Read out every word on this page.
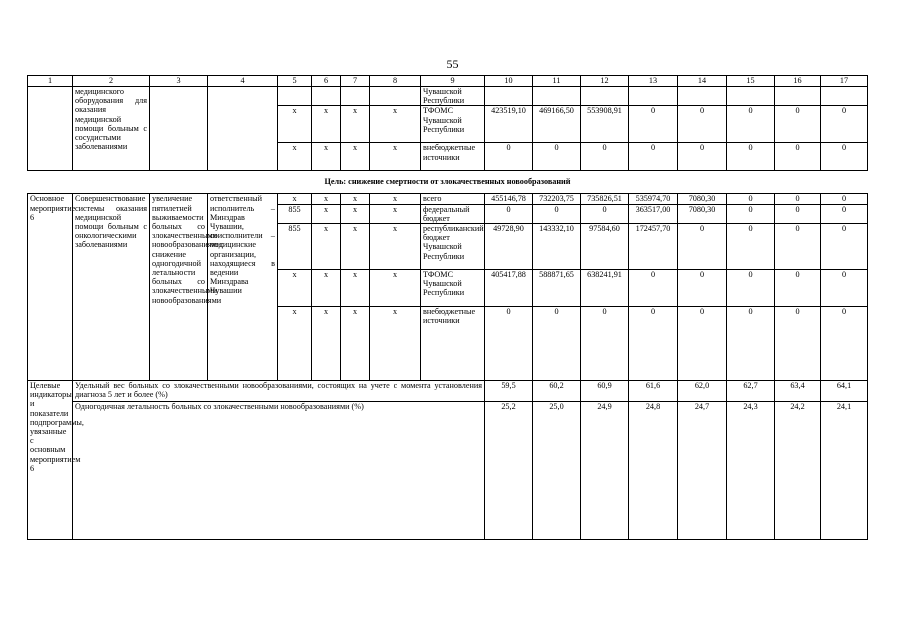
55
1	2	3	4	5	6	7	8	9	10	11	12	13	14	15	16	17
	медицинского оборудования для оказания медицинской помощи больным с сосудистыми заболеваниями							Чувашской Республики								
				x	x	x	x	ТФОМС Чувашской Республики	423519,10	469166,50	553908,91	0	0	0	0	0
				x	x	x	x	внебюджетные источники	0	0	0	0	0	0	0	0
Цель: снижение смертности от злокачественных новообразований																
Основное мероприятие 6	Совершенствование системы оказания медицинской помощи больным с онкологическими заболеваниями	увеличение пятилетней выживаемости больных со злокачественными новообразованиями; снижение одногодичной летальности больных со злокачественными новообразованиями	ответственный исполнитель – Минздрав Чувашии, соисполнители – медицинские организации, находящиеся в ведении Минздрава Чувашии	x	x	x	x	всего	455146,78	732203,75	735826,51	535974,70	7080,30	0	0	0
				855	x	x	x	федеральный бюджет	0	0	0	363517,00	7080,30	0	0	0
				855	x	x	x	республиканский бюджет Чувашской Республики	49728,90	143332,10	97584,60	172457,70	0	0	0	0
				x	x	x	x	ТФОМС Чувашской Республики	405417,88	588871,65	638241,91	0	0	0	0	0
				x	x	x	x	внебюджетные источники	0	0	0	0	0	0	0	0
Целевые индикаторы и показатели подпрограммы, увязанные с основным мероприятием 6	Удельный вес больных со злокачественными новообразованиями, состоящих на учете с момента установления диагноза 5 лет и более (%)								59,5	60,2	60,9	61,6	62,0	62,7	63,4	64,1
	Одногодичная летальность больных со злокачественными новообразованиями (%)								25,2	25,0	24,9	24,8	24,7	24,3	24,2	24,1
